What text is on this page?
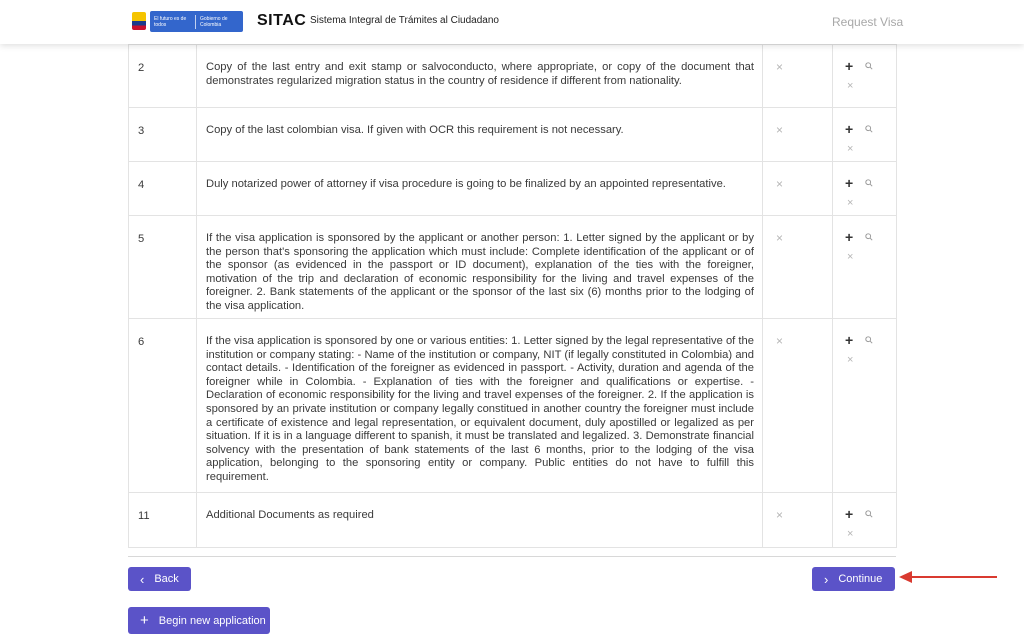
El futuro es de todos
Gobierno de Colombia	SITAC Sistema Integral de Trámites al Ciudadano	Request Visa
2	Copy of the last entry and exit stamp or salvoconducto, where appropriate, or copy of the document that demonstrates regularized migration status in the country of residence if different from nationality.	×	+
×

3	Copy of the last colombian visa. If given with OCR this requirement is not necessary.	×	+
×

4	Duly notarized power of attorney if visa procedure is going to be finalized by an appointed representative.	×	+
×

5	If the visa application is sponsored by the applicant or another person: 1. Letter signed by the applicant or by the person that's sponsoring the application which must include: Complete identification of the applicant or of the sponsor (as evidenced in the passport or ID document), explanation of the ties with the foreigner, motivation of the trip and declaration of economic responsibility for the living and travel expenses of the foreigner. 2. Bank statements of the applicant or the sponsor of the last six (6) months prior to the lodging of the visa application.	×	+
×

6	If the visa application is sponsored by one or various entities: 1. Letter signed by the legal representative of the institution or company stating: - Name of the institution or company, NIT (if legally constituted in Colombia) and contact details. - Identification of the foreigner as evidenced in passport. - Activity, duration and agenda of the foreigner while in Colombia. - Explanation of ties with the foreigner and qualifications or expertise. - Declaration of economic responsibility for the living and travel expenses of the foreigner. 2. If the application is sponsored by an private institution or company legally constitued in another country the foreigner must include a certificate of existence and legal representation, or equivalent document, duly apostilled or legalized as per situation. If it is in a language different to spanish, it must be translated and legalized. 3. Demonstrate financial solvency with the presentation of bank statements of the last 6 months, prior to the lodging of the visa application, belonging to the sponsoring entity or company. Public entities do not have to fulfill this requirement.	×	+
×

11	Additional Documents as required	×	+
×
‹ Back	› Continue
+ Begin new application
